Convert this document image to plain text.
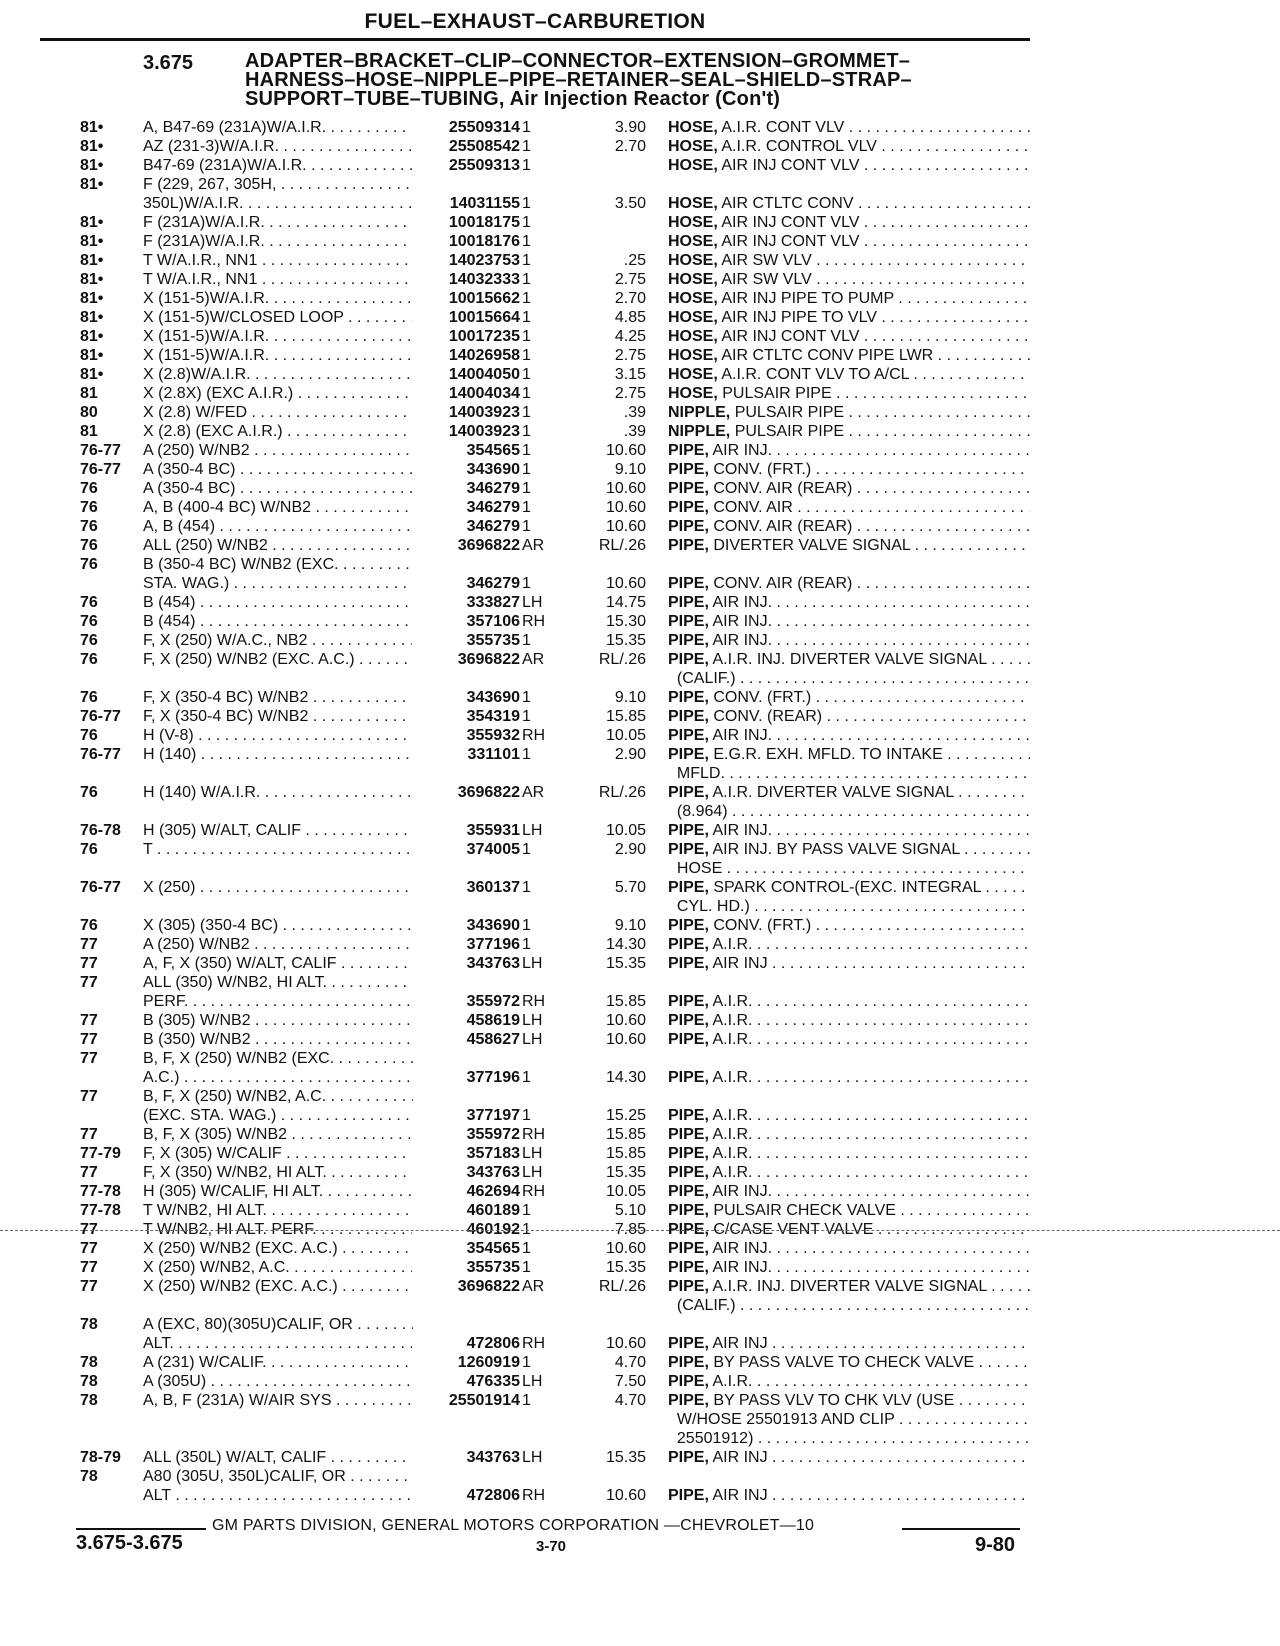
FUEL–EXHAUST–CARBURETION
3.675	ADAPTER–BRACKET–CLIP–CONNECTOR–EXTENSION–GROMMET–
HARNESS–HOSE–NIPPLE–PIPE–RETAINER–SEAL–SHIELD–STRAP–
SUPPORT–TUBE–TUBING, Air Injection Reactor (Con't)
81•	A, B47-69 (231A)W/A.I.R. . . .	25509314 1	3.90 HOSE, A.I.R. CONT VLV . . .
81•	AZ (231-3)W/A.I.R. . . .	25508542 1	2.70 HOSE, A.I.R. CONTROL VLV . . .
81•	B47-69 (231A)W/A.I.R. . . .	25509313 1	HOSE, AIR INJ CONT VLV . . .
81•	F (229, 267, 305H, . . .
350L)W/A.I.R. . . .	14031155 1	3.50 HOSE, AIR CTLTC CONV . . .
81•	F (231A)W/A.I.R. . . .	10018175 1	HOSE, AIR INJ CONT VLV . . .
81•	F (231A)W/A.I.R. . . .	10018176 1	HOSE, AIR INJ CONT VLV . . .
81•	T W/A.I.R., NN1 . . .	14023753 1	.25 HOSE, AIR SW VLV . . .
81•	T W/A.I.R., NN1 . . .	14032333 1	2.75 HOSE, AIR SW VLV . . .
81•	X (151-5)W/A.I.R. . . .	10015662 1	2.70 HOSE, AIR INJ PIPE TO PUMP . . .
81•	X (151-5)W/CLOSED LOOP . . .	10015664 1	4.85 HOSE, AIR INJ PIPE TO VLV . . .
81•	X (151-5)W/A.I.R. . . .	10017235 1	4.25 HOSE, AIR INJ CONT VLV . . .
81•	X (151-5)W/A.I.R. . . .	14026958 1	2.75 HOSE, AIR CTLTC CONV PIPE LWR . . .
81•	X (2.8)W/A.I.R. . . .	14004050 1	3.15 HOSE, A.I.R. CONT VLV TO A/CL . . .
81	X (2.8X) (EXC A.I.R.) . . .	14004034 1	2.75 HOSE, PULSAIR PIPE . . .
80	X (2.8) W/FED . . .	14003923 1	.39 NIPPLE, PULSAIR PIPE . . .
81	X (2.8) (EXC A.I.R.) . . .	14003923 1	.39 NIPPLE, PULSAIR PIPE . . .
76-77	A (250) W/NB2 . . .	354565 1	10.60 PIPE, AIR INJ. . . .
76-77	A (350-4 BC) . . .	343690 1	9.10 PIPE, CONV. (FRT.) . . .
76	A (350-4 BC) . . .	346279 1	10.60 PIPE, CONV. AIR (REAR) . . .
76	A, B (400-4 BC) W/NB2 . . .	346279 1	10.60 PIPE, CONV. AIR . . .
76	A, B (454) . . .	346279 1	10.60 PIPE, CONV. AIR (REAR) . . .
76	ALL (250) W/NB2 . . .	3696822 AR	RL/.26 PIPE, DIVERTER VALVE SIGNAL . . .
76	B (350-4 BC) W/NB2 (EXC. . . .
STA. WAG.) . . .	346279 1	10.60 PIPE, CONV. AIR (REAR) . . .
76	B (454) . . .	333827 LH	14.75 PIPE, AIR INJ. . . .
76	B (454) . . .	357106 RH	15.30 PIPE, AIR INJ. . . .
76	F, X (250) W/A.C., NB2 . . .	355735 1	15.35 PIPE, AIR INJ. . . .
76	F, X (250) W/NB2 (EXC. A.C.) . . .	3696822 AR	RL/.26 PIPE, A.I.R. INJ. DIVERTER VALVE SIGNAL . . .
(CALIF.) . . .
76	F, X (350-4 BC) W/NB2 . . .	343690 1	9.10 PIPE, CONV. (FRT.) . . .
76-77	F, X (350-4 BC) W/NB2 . . .	354319 1	15.85 PIPE, CONV. (REAR) . . .
76	H (V-8) . . .	355932 RH	10.05 PIPE, AIR INJ. . . .
76-77	H (140) . . .	331101 1	2.90 PIPE, E.G.R. EXH. MFLD. TO INTAKE . . .
MFLD. . . .
76	H (140) W/A.I.R. . . .	3696822 AR	RL/.26 PIPE, A.I.R. DIVERTER VALVE SIGNAL . . .
(8.964) . . .
76-78	H (305) W/ALT, CALIF . . .	355931 LH	10.05 PIPE, AIR INJ. . . .
76	T . . .	374005 1	2.90 PIPE, AIR INJ. BY PASS VALVE SIGNAL . . .
HOSE . . .
76-77	X (250) . . .	360137 1	5.70 PIPE, SPARK CONTROL-(EXC. INTEGRAL . . .
CYL. HD.) . . .
76	X (305) (350-4 BC) . . .	343690 1	9.10 PIPE, CONV. (FRT.) . . .
77	A (250) W/NB2 . . .	377196 1	14.30 PIPE, A.I.R. . . .
77	A, F, X (350) W/ALT, CALIF . . .	343763 LH	15.35 PIPE, AIR INJ . . .
77	ALL (350) W/NB2, HI ALT. . . .
PERF. . . .	355972 RH	15.85 PIPE, A.I.R. . . .
77	B (305) W/NB2 . . .	458619 LH	10.60 PIPE, A.I.R. . . .
77	B (350) W/NB2 . . .	458627 LH	10.60 PIPE, A.I.R. . . .
77	B, F, X (250) W/NB2 (EXC. . . .
A.C.) . . .	377196 1	14.30 PIPE, A.I.R. . . .
77	B, F, X (250) W/NB2, A.C. . . .
(EXC. STA. WAG.) . . .	377197 1	15.25 PIPE, A.I.R. . . .
77	B, F, X (305) W/NB2 . . .	355972 RH	15.85 PIPE, A.I.R. . . .
77-79	F, X (305) W/CALIF . . .	357183 LH	15.85 PIPE, A.I.R. . . .
77	F, X (350) W/NB2, HI ALT. . . .	343763 LH	15.35 PIPE, A.I.R. . . .
77-78	H (305) W/CALIF, HI ALT. . . .	462694 RH	10.05 PIPE, AIR INJ. . . .
77-78	T W/NB2, HI ALT. . . .	460189 1	5.10 PIPE, PULSAIR CHECK VALVE . . .
77	T W/NB2, HI ALT. PERF. . . .	460192 1	7.85 PIPE, C/CASE VENT VALVE . . .
77	X (250) W/NB2 (EXC. A.C.) . . .	354565 1	10.60 PIPE, AIR INJ. . . .
77	X (250) W/NB2, A.C. . . .	355735 1	15.35 PIPE, AIR INJ. . . .
77	X (250) W/NB2 (EXC. A.C.) . . .	3696822 AR	RL/.26 PIPE, A.I.R. INJ. DIVERTER VALVE SIGNAL . . .
(CALIF.) . . .
78	A (EXC, 80)(305U)CALIF, OR . . .
ALT. . . .	472806 RH	10.60 PIPE, AIR INJ . . .
78	A (231) W/CALIF. . . .	1260919 1	4.70 PIPE, BY PASS VALVE TO CHECK VALVE . . .
78	A (305U) . . .	476335 LH	7.50 PIPE, A.I.R. . . .
78	A, B, F (231A) W/AIR SYS . . .	25501914 1	4.70 PIPE, BY PASS VLV TO CHK VLV (USE . . .
W/HOSE 25501913 AND CLIP . . .
25501912) . . .
78-79	ALL (350L) W/ALT, CALIF . . .	343763 LH	15.35 PIPE, AIR INJ . . .
78	A80 (305U, 350L)CALIF, OR . . .
ALT . . .	472806 RH	10.60 PIPE, AIR INJ . . .
GM PARTS DIVISION, GENERAL MOTORS CORPORATION —CHEVROLET—10
3.675-3.675	3-70	9-80
